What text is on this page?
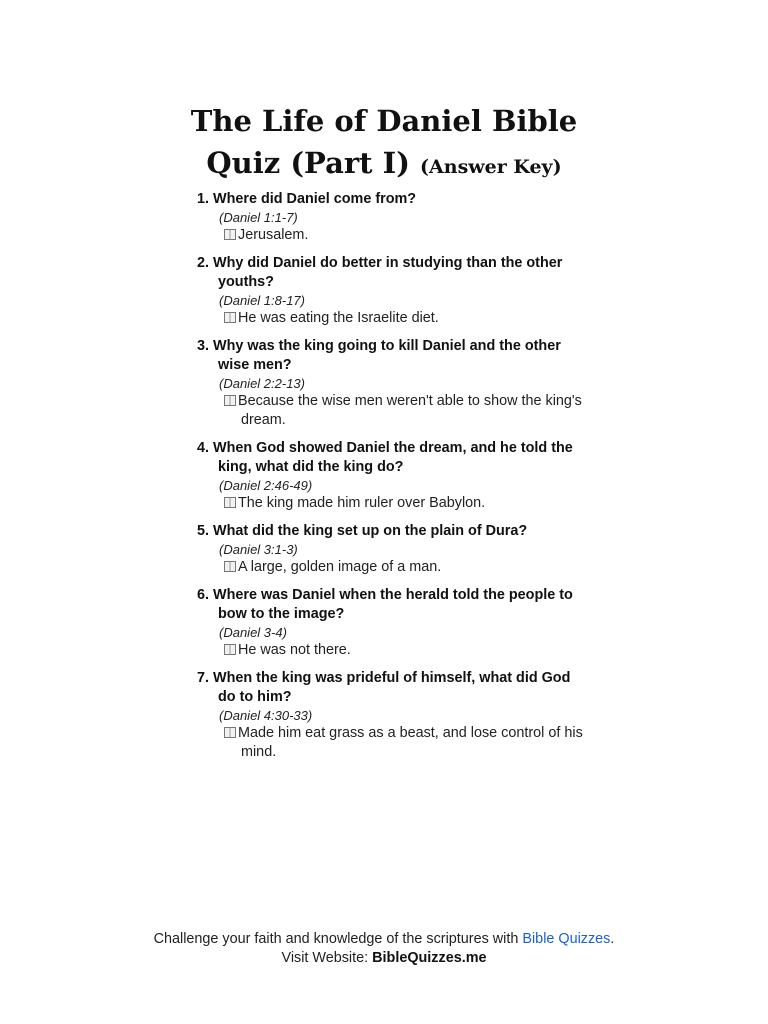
The Life of Daniel Bible
Quiz (Part I) (Answer Key)
1. Where did Daniel come from?
(Daniel 1:1-7)
Jerusalem.
2. Why did Daniel do better in studying than the other youths?
(Daniel 1:8-17)
He was eating the Israelite diet.
3. Why was the king going to kill Daniel and the other wise men?
(Daniel 2:2-13)
Because the wise men weren't able to show the king's dream.
4. When God showed Daniel the dream, and he told the king, what did the king do?
(Daniel 2:46-49)
The king made him ruler over Babylon.
5. What did the king set up on the plain of Dura?
(Daniel 3:1-3)
A large, golden image of a man.
6. Where was Daniel when the herald told the people to bow to the image?
(Daniel 3-4)
He was not there.
7. When the king was prideful of himself, what did God do to him?
(Daniel 4:30-33)
Made him eat grass as a beast, and lose control of his mind.
Challenge your faith and knowledge of the scriptures with Bible Quizzes.
Visit Website: BibleQuizzes.me
